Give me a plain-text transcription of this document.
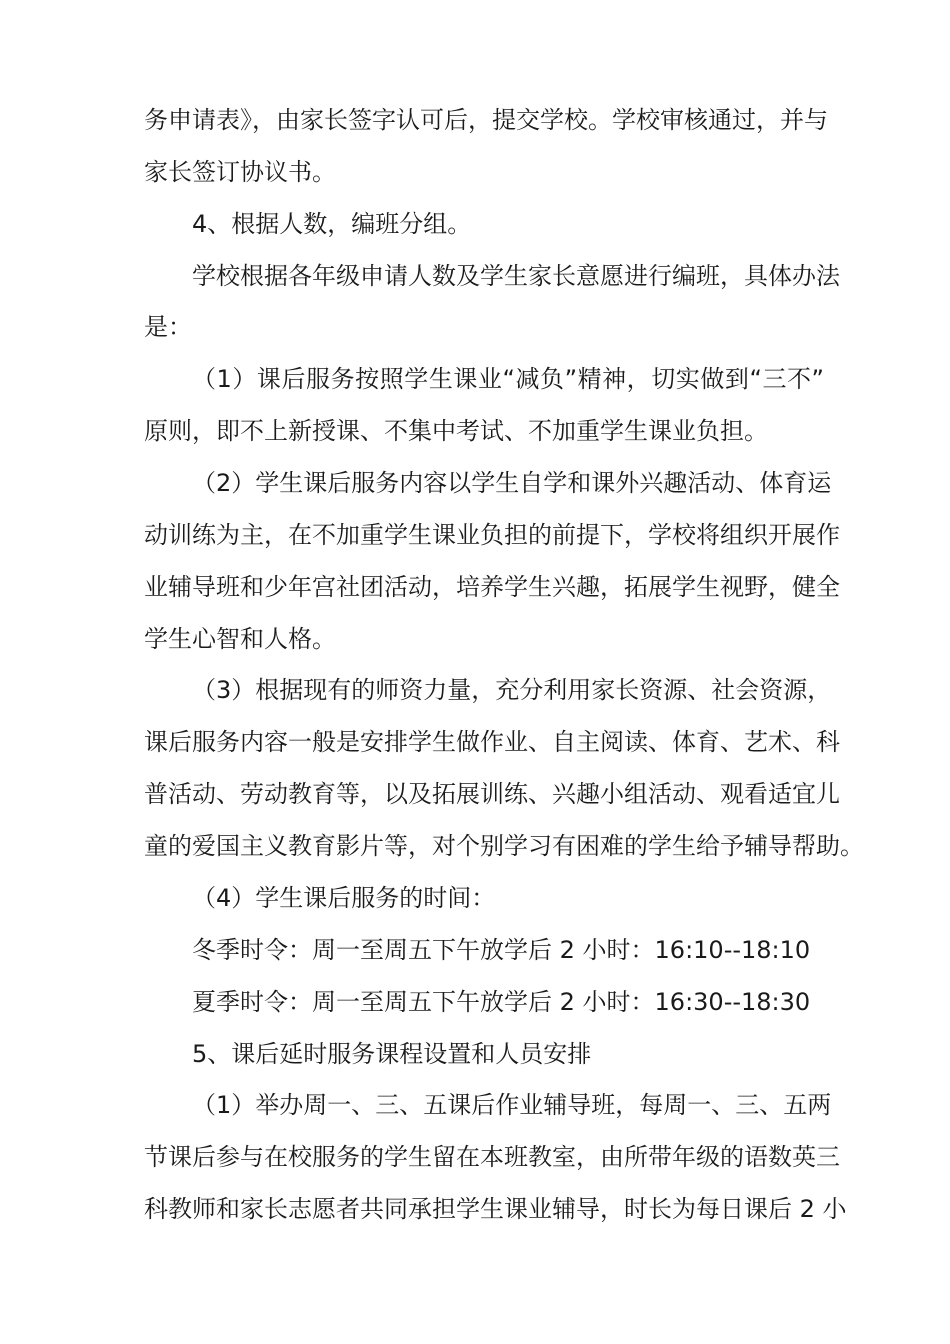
务申请表》，由家长签字认可后，提交学校。学校审核通过，并与
家长签订协议书。
4、根据人数，编班分组。
学校根据各年级申请人数及学生家长意愿进行编班，具体办法
是：
（1）课后服务按照学生课业“减负”精神，切实做到“三不”
原则，即不上新授课、不集中考试、不加重学生课业负担。
（2）学生课后服务内容以学生自学和课外兴趣活动、体育运
动训练为主，在不加重学生课业负担的前提下，学校将组织开展作
业辅导班和少年宫社团活动，培养学生兴趣，拓展学生视野，健全
学生心智和人格。
（3）根据现有的师资力量，充分利用家长资源、社会资源，
课后服务内容一般是安排学生做作业、自主阅读、体育、艺术、科
普活动、劳动教育等，以及拓展训练、兴趣小组活动、观看适宜儿
童的爱国主义教育影片等，对个别学习有困难的学生给予辅导帮助。
（4）学生课后服务的时间：
冬季时令：周一至周五下午放学后 2 小时：16:10--18:10
夏季时令：周一至周五下午放学后 2 小时：16:30--18:30
5、课后延时服务课程设置和人员安排
（1）举办周一、三、五课后作业辅导班，每周一、三、五两
节课后参与在校服务的学生留在本班教室，由所带年级的语数英三
科教师和家长志愿者共同承担学生课业辅导，时长为每日课后 2 小
